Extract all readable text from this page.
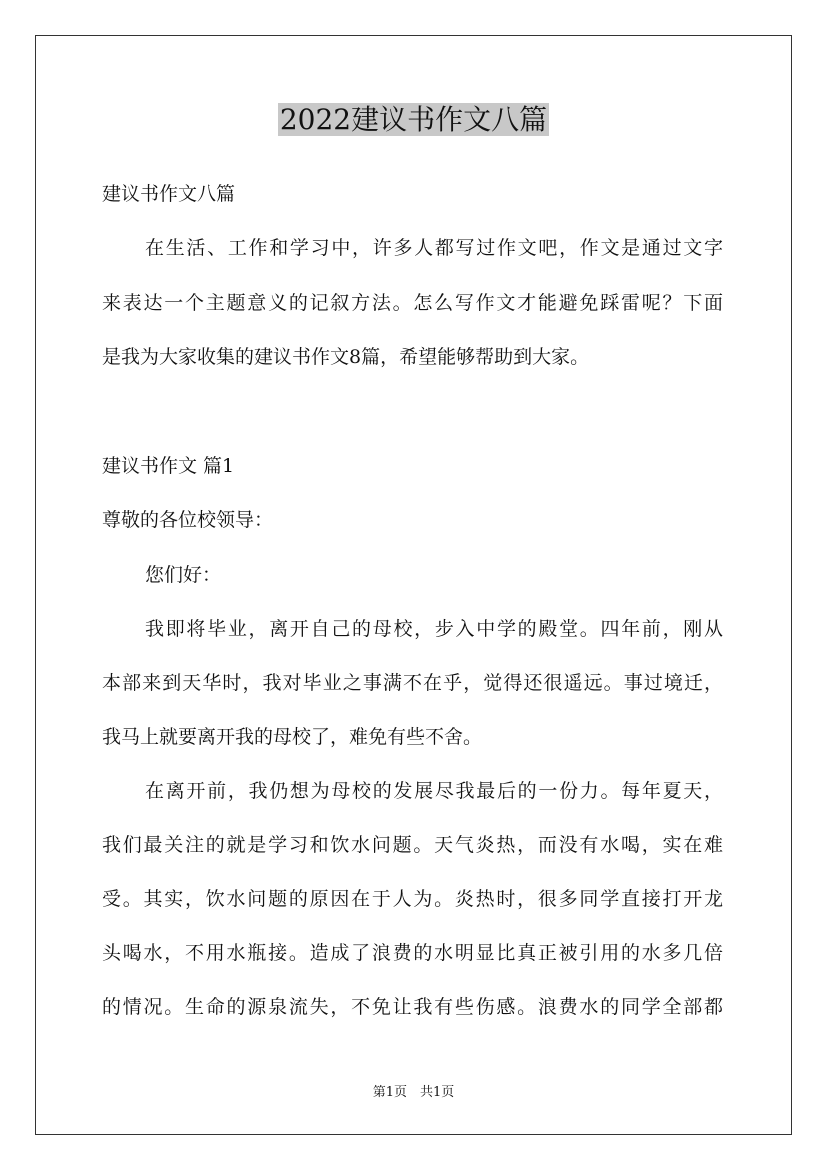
2022建议书作文八篇

建议书作文八篇

在生活、工作和学习中，许多人都写过作文吧，作文是通过文字

来表达一个主题意义的记叙方法。怎么写作文才能避免踩雷呢？下面

是我为大家收集的建议书作文8篇，希望能够帮助到大家。

建议书作文 篇1

尊敬的各位校领导：

您们好：

我即将毕业，离开自己的母校，步入中学的殿堂。四年前，刚从

本部来到天华时，我对毕业之事满不在乎，觉得还很遥远。事过境迁，

我马上就要离开我的母校了，难免有些不舍。

在离开前，我仍想为母校的发展尽我最后的一份力。每年夏天，

我们最关注的就是学习和饮水问题。天气炎热，而没有水喝，实在难

受。其实，饮水问题的原因在于人为。炎热时，很多同学直接打开龙

头喝水，不用水瓶接。造成了浪费的水明显比真正被引用的水多几倍

的情况。生命的源泉流失，不免让我有些伤感。浪费水的同学全部都

第1页　共1页
